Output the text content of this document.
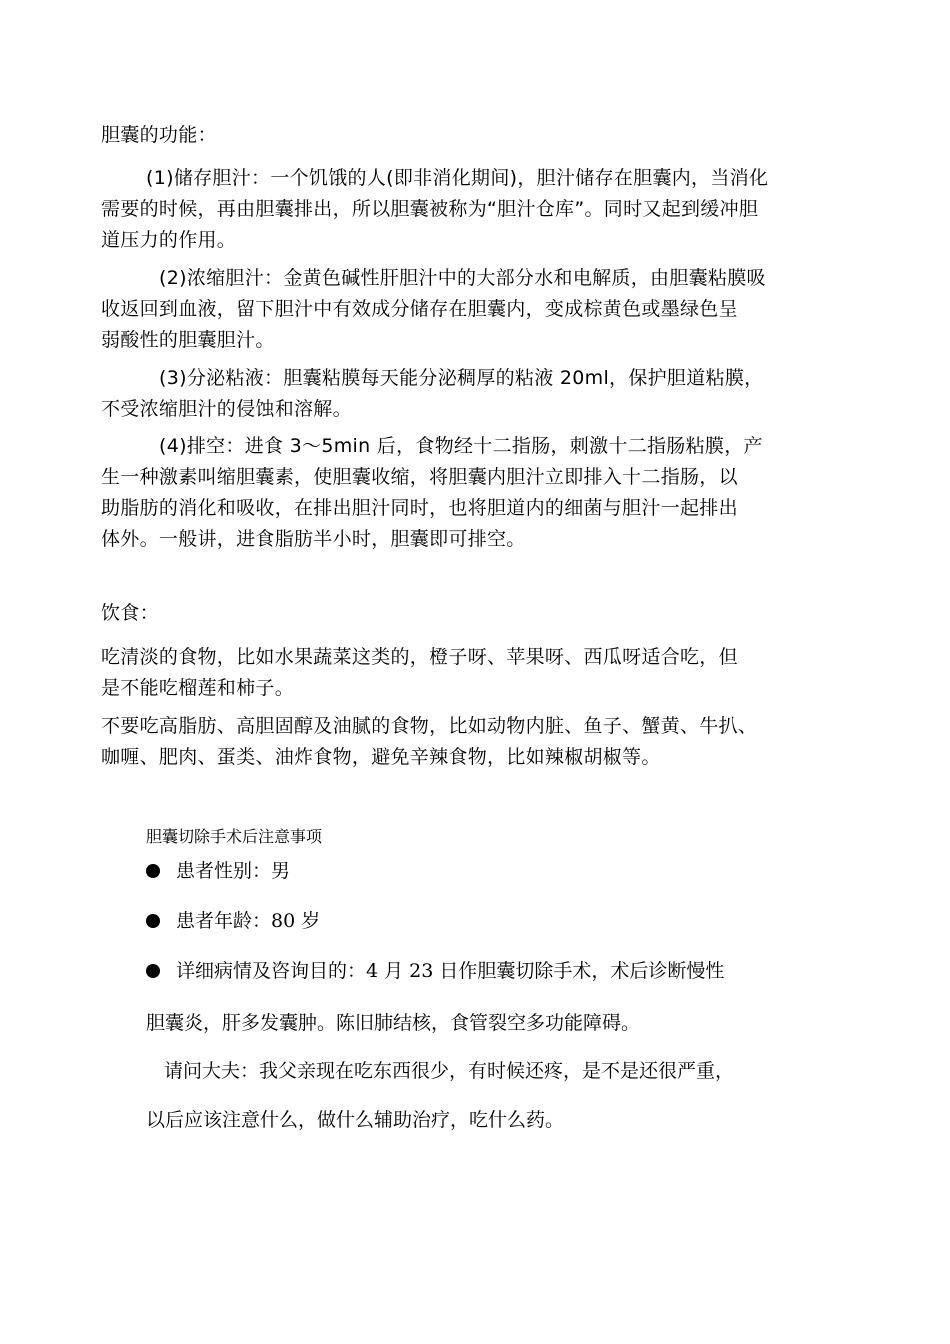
胆囊的功能：
(1)储存胆汁：一个饥饿的人(即非消化期间)，胆汁储存在胆囊内，当消化
需要的时候，再由胆囊排出，所以胆囊被称为“胆汁仓库”。同时又起到缓冲胆
道压力的作用。
(2)浓缩胆汁：金黄色碱性肝胆汁中的大部分水和电解质，由胆囊粘膜吸
收返回到血液，留下胆汁中有效成分储存在胆囊内，变成棕黄色或墨绿色呈
弱酸性的胆囊胆汁。
(3)分泌粘液：胆囊粘膜每天能分泌稠厚的粘液 20ml，保护胆道粘膜，
不受浓缩胆汁的侵蚀和溶解。
(4)排空：进食 3～5min 后，食物经十二指肠，刺激十二指肠粘膜，产
生一种激素叫缩胆囊素，使胆囊收缩，将胆囊内胆汁立即排入十二指肠，以
助脂肪的消化和吸收，在排出胆汁同时，也将胆道内的细菌与胆汁一起排出
体外。一般讲，进食脂肪半小时，胆囊即可排空。
饮食：
吃清淡的食物，比如水果蔬菜这类的，橙子呀、苹果呀、西瓜呀适合吃，但
是不能吃榴莲和柿子。
不要吃高脂肪、高胆固醇及油腻的食物，比如动物内脏、鱼子、蟹黄、牛扒、
咖喱、肥肉、蛋类、油炸食物，避免辛辣食物，比如辣椒胡椒等。
胆囊切除手术后注意事项
患者性别：男
患者年龄：80 岁
详细病情及咨询目的：4 月 23 日作胆囊切除手术，术后诊断慢性
胆囊炎，肝多发囊肿。陈旧肺结核，食管裂空多功能障碍。
请问大夫：我父亲现在吃东西很少，有时候还疼，是不是还很严重，
以后应该注意什么，做什么辅助治疗，吃什么药。
